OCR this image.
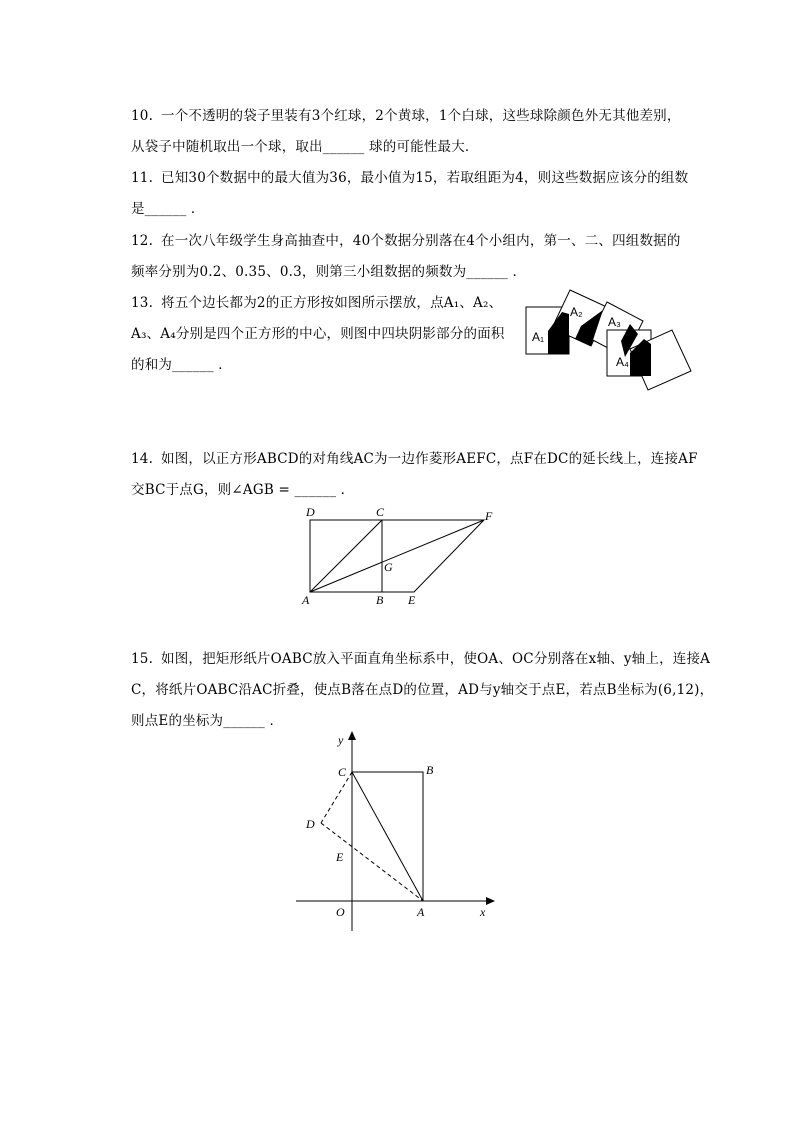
10. 一个不透明的袋子里装有3个红球，2个黄球，1个白球，这些球除颜色外无其他差别，
从袋子中随机取出一个球，取出______ 球的可能性最大．
11. 已知30个数据中的最大值为36，最小值为15，若取组距为4，则这些数据应该分的组数
是______ ．
12. 在一次八年级学生身高抽查中，40个数据分别落在4个小组内，第一、二、四组数据的
频率分别为0.2、0.35、0.3，则第三小组数据的频数为______ ．
13. 将五个边长都为2的正方形按如图所示摆放，点A₁、A₂、
A₃、A₄分别是四个正方形的中心，则图中四块阴影部分的面积
的和为______ ．
A₁
A₂
A₃
A₄
14. 如图，以正方形ABCD的对角线AC为一边作菱形AEFC，点F在DC的延长线上，连接AF
交BC于点G，则∠AGB = ______ ．
D	C	F
G
A	B E
15. 如图，把矩形纸片OABC放入平面直角坐标系中，使OA、OC分别落在x轴、y轴上，连接A
C，将纸片OABC沿AC折叠，使点B落在点D的位置，AD与y轴交于点E，若点B坐标为(6,12)，
则点E的坐标为______ ．
y
C	B
D
E
O	A	x
